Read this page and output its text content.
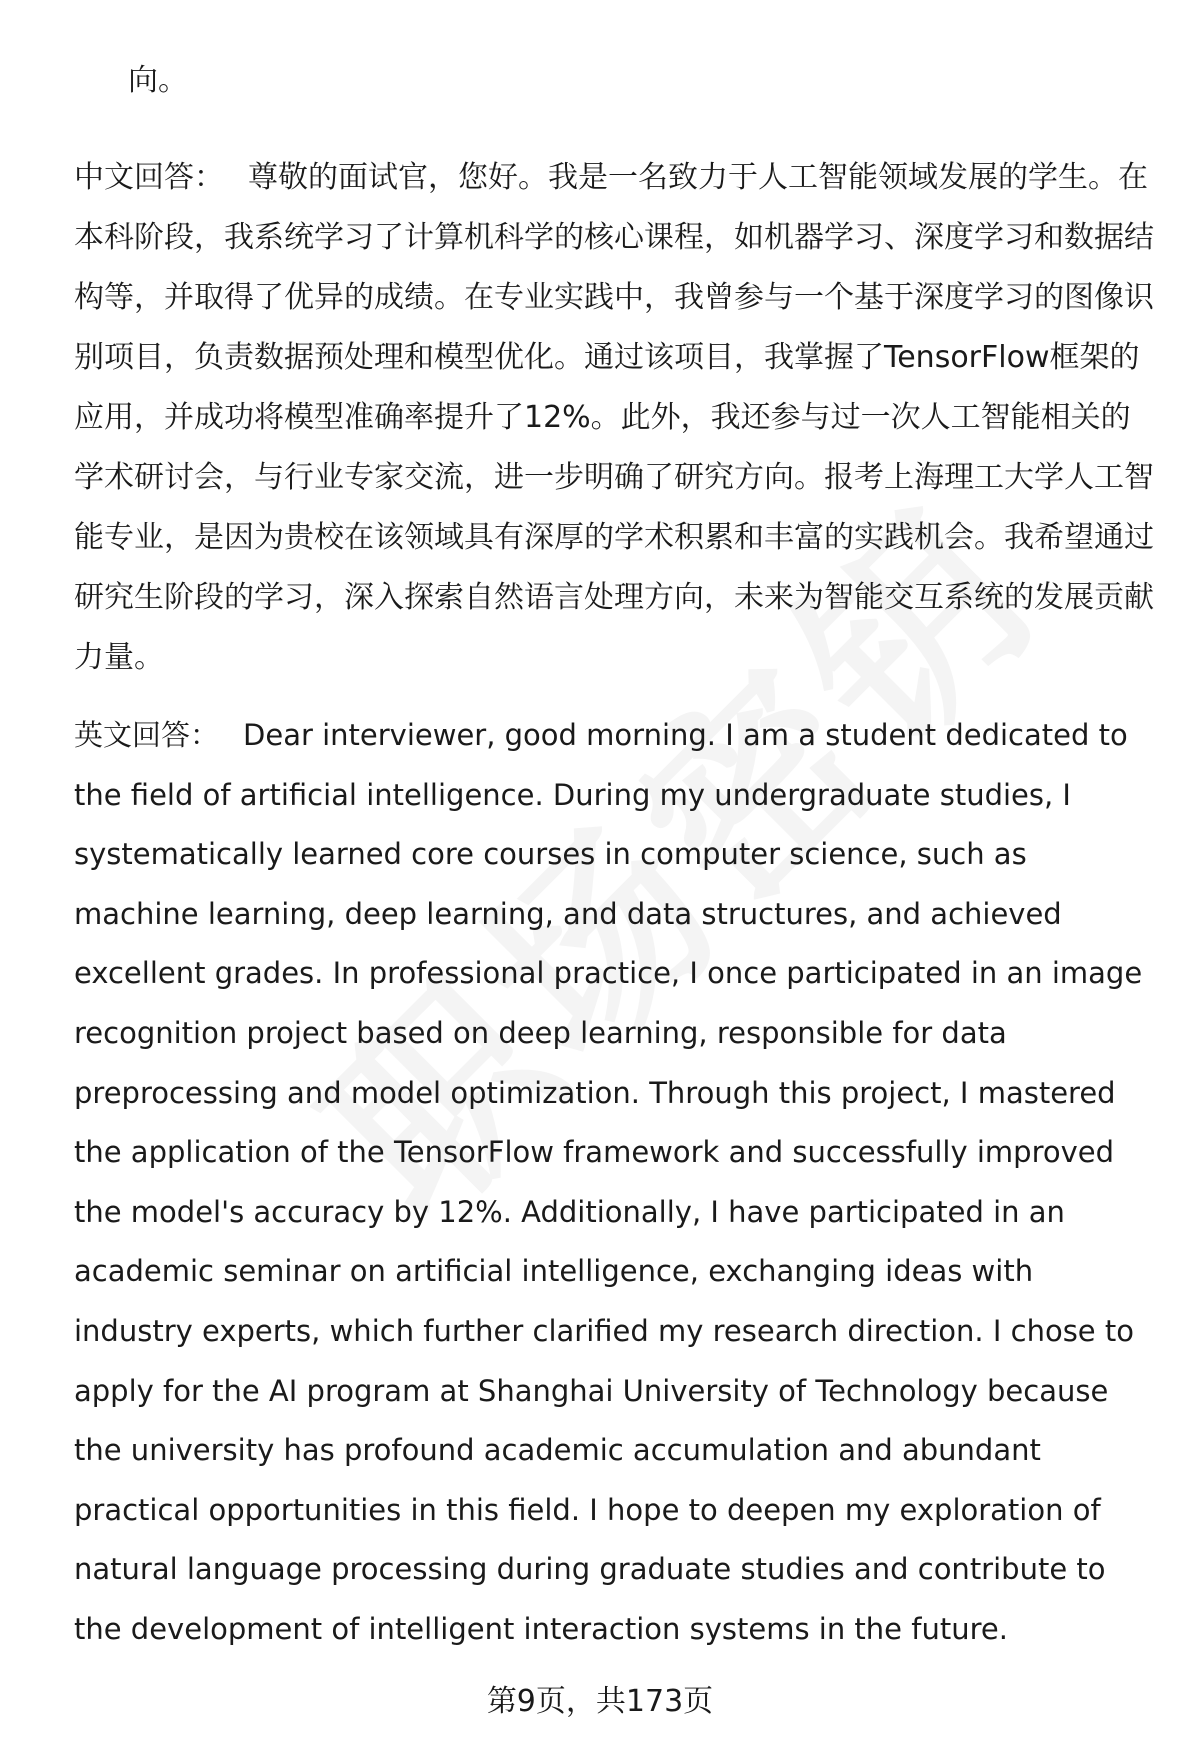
向。
中文回答： 尊敬的面试官，您好。我是一名致力于人工智能领域发展的学生。在本科阶段，我系统学习了计算机科学的核心课程，如机器学习、深度学习和数据结构等，并取得了优异的成绩。在专业实践中，我曾参与一个基于深度学习的图像识别项目，负责数据预处理和模型优化。通过该项目，我掌握了TensorFlow框架的应用，并成功将模型准确率提升了12%。此外，我还参与过一次人工智能相关的学术研讨会，与行业专家交流，进一步明确了研究方向。报考上海理工大学人工智能专业，是因为贵校在该领域具有深厚的学术积累和丰富的实践机会。我希望通过研究生阶段的学习，深入探索自然语言处理方向，未来为智能交互系统的发展贡献力量。
英文回答： Dear interviewer, good morning. I am a student dedicated to the field of artificial intelligence. During my undergraduate studies, I systematically learned core courses in computer science, such as machine learning, deep learning, and data structures, and achieved excellent grades. In professional practice, I once participated in an image recognition project based on deep learning, responsible for data preprocessing and model optimization. Through this project, I mastered the application of the TensorFlow framework and successfully improved the model's accuracy by 12%. Additionally, I have participated in an academic seminar on artificial intelligence, exchanging ideas with industry experts, which further clarified my research direction. I chose to apply for the AI program at Shanghai University of Technology because the university has profound academic accumulation and abundant practical opportunities in this field. I hope to deepen my exploration of natural language processing during graduate studies and contribute to the development of intelligent interaction systems in the future.
第9页，共173页
